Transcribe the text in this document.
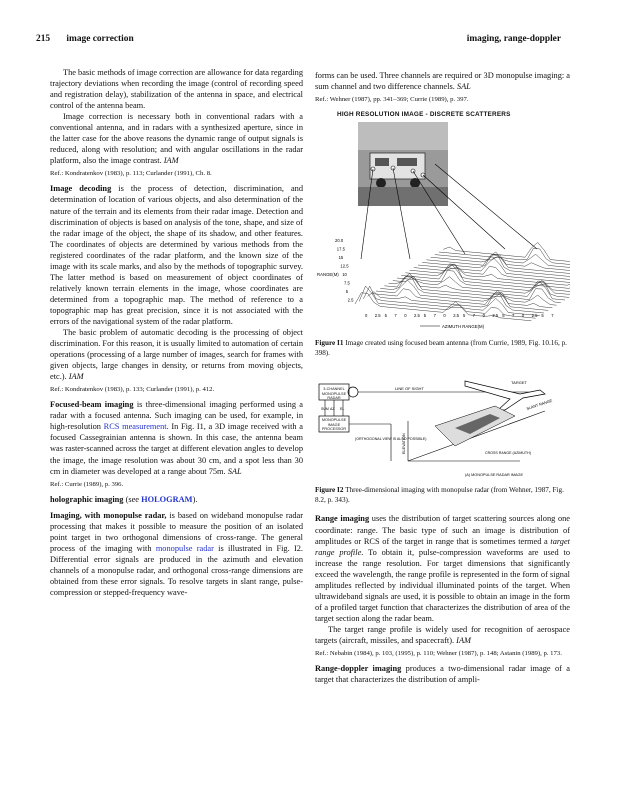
215 image correction	imaging, range-doppler

The basic methods of image correction are allowance for data regarding trajectory deviations when recording the image (control of recording speed and registration delay), stabilization of the antenna in space, and electrical control of the antenna beam.

Image correction is necessary both in conventional radars with a conventional antenna, and in radars with a synthesized aperture, since in the latter case for the above reasons the dynamic range of output signals is reduced, along with resolution; and with angular oscillations in the radar platform, also the image contrast. IAM

Ref.: Kondratenkov (1983), p. 113; Curlander (1991), Ch. 8.

Image decoding is the process of detection, discrimination, and determination of location of various objects, and also determination of the nature of the terrain and its elements from their radar image. Detection and discrimination of objects is based on analysis of the tone, shape, and size of the radar image of the object, the shape of its shadow, and other features. The coordinates of objects are determined by various methods from the registered coordinates of the radar platform, and the known size of the image with its scale marks, and also by the methods of topographic survey. The latter method is based on measurement of object coordinates of relatively known terrain elements in the image, whose coordinates are determined from a topographic map. The method of reference to a topographic map has great precision, since it is not associated with the errors of the navigational system of the radar platform.

The basic problem of automatic decoding is the processing of object discrimination. For this reason, it is usually limited to automation of certain operations (processing of a large number of images, search for frames with given objects, large changes in density, or returns from moving objects, etc.). IAM

Ref.: Kondratenkov (1983), p. 133; Curlander (1991), p. 412.

Focused-beam imaging is three-dimensional imaging performed using a radar with a focused antenna. Such imaging can be used, for example, in high-resolution RCS measurement. In Fig. I1, a 3D image received with a focused Cassegrainian antenna is shown. In this case, the antenna beam was raster-scanned across the target at different elevation angles to develop the image, the image resolution was about 30 cm, and a spot less than 30 cm in diameter was developed at a range about 75m. SAL

Ref.: Currie (1989), p. 396.

holographic imaging (see HOLOGRAM).

Imaging, with monopulse radar, is based on wideband monopulse radar processing that makes it possible to measure the position of an isolated point target in two orthogonal dimensions of cross-range. The general process of the imaging with monopulse radar is illustrated in Fig. I2. Differential error signals are produced in the azimuth and elevation channels of a monopulse radar, and orthogonal cross-range dimensions are obtained from these error signals. To resolve targets in slant range, pulse-compression or stepped-frequency wave-

forms can be used. Three channels are required or 3D monopulse imaging: a sum channel and two difference channels. SAL

Ref.: Wehner (1987), pp. 341–369; Currie (1989), p. 397.

HIGH RESOLUTION IMAGE - DISCRETE SCATTERERS
20.0
17.5
15
12.5
10
7.5
5
2.5
RANGE(M)
0 2.5 5 7 0 2.5 5 7 0 2.5 5 7 0 2.5 5 7 0 2.5 5 7
AZIMUTH RANGE(M)

Figure I1 Image created using focused beam antenna (from Currie, 1989, Fig. 10.16, p. 398).

3-CHANNEL MONOPULSE RADAR
LINE OF SIGHT
SUM AZ EL
MONOPULSE IMAGE PROCESSOR
(ORTHOGONAL VIEW IS ALSO POSSIBLE)
TARGET
SLANT RANGE
ELEVATION	CROSS RANGE (AZIMUTH)
(A) MONOPULSE RADAR IMAGE

Figure I2 Three-dimensional imaging with monopulse radar (from Wehner, 1987, Fig. 8.2, p. 343).

Range imaging uses the distribution of target scattering sources along one coordinate: range. The basic type of such an image is distribution of amplitudes or RCS of the target in range that is sometimes termed a target range profile. To obtain it, pulse-compression waveforms are used to increase the range resolution. For target dimensions that significantly exceed the wavelength, the range profile is represented in the form of signal amplitudes reflected by individual illuminated points of the target. When ultrawideband signals are used, it is possible to obtain an image in the form of a profiled target function that characterizes the distribution of area of the target section along the radar beam.

The target range profile is widely used for recognition of aerospace targets (aircraft, missiles, and spacecraft). IAM

Ref.: Nebabin (1984), p. 103, (1995), p. 110; Wehner (1987), p. 148; Astanin (1989), p. 173.

Range-doppler imaging produces a two-dimensional radar image of a target that characterizes the distribution of ampli-
